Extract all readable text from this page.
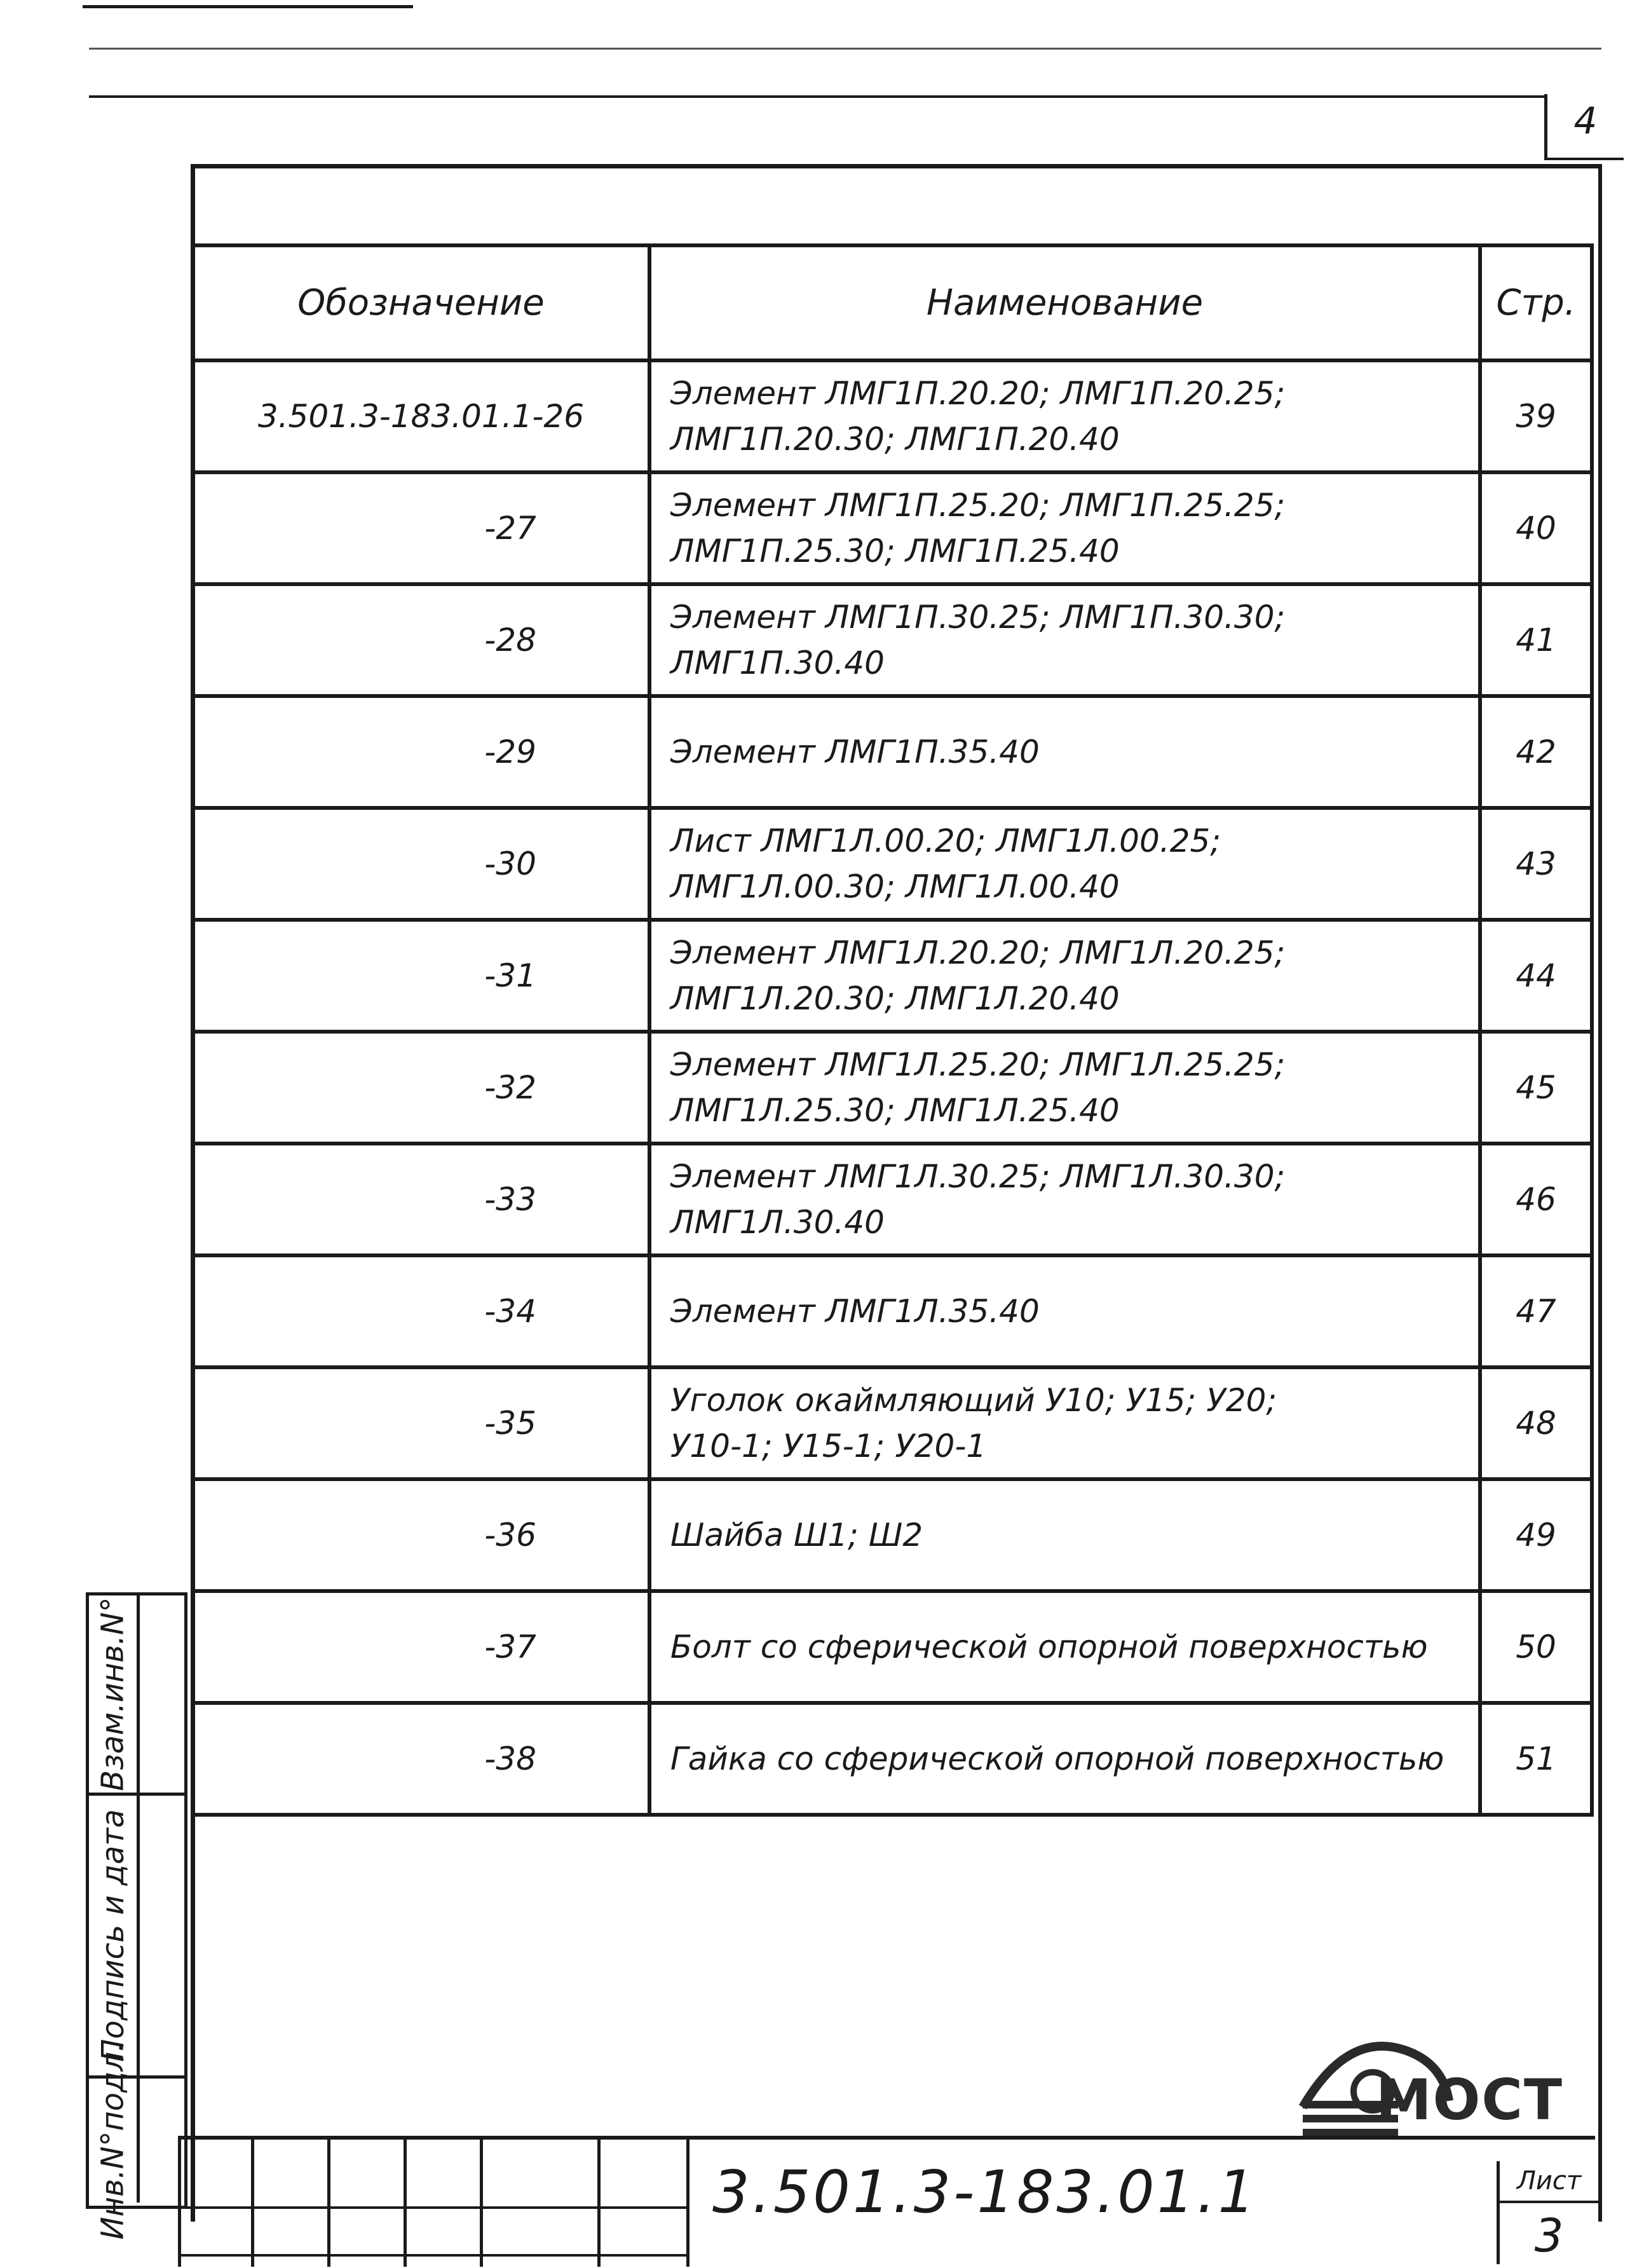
4
Обозначение	Наименование	Стр.
3.501.3-183.01.1-26	Элемент ЛМГ1П.20.20; ЛМГ1П.20.25;
ЛМГ1П.20.30; ЛМГ1П.20.40	39
-27	Элемент ЛМГ1П.25.20; ЛМГ1П.25.25;
ЛМГ1П.25.30; ЛМГ1П.25.40	40
-28	Элемент ЛМГ1П.30.25; ЛМГ1П.30.30; ЛМГ1П.30.40	41
-29	Элемент ЛМГ1П.35.40	42
-30	Лист ЛМГ1Л.00.20; ЛМГ1Л.00.25;
ЛМГ1Л.00.30; ЛМГ1Л.00.40	43
-31	Элемент ЛМГ1Л.20.20; ЛМГ1Л.20.25;
ЛМГ1Л.20.30; ЛМГ1Л.20.40	44
-32	Элемент ЛМГ1Л.25.20; ЛМГ1Л.25.25;
ЛМГ1Л.25.30; ЛМГ1Л.25.40	45
-33	Элемент ЛМГ1Л.30.25; ЛМГ1Л.30.30; ЛМГ1Л.30.40	46
-34	Элемент ЛМГ1Л.35.40	47
-35	Уголок окаймляющий У10; У15; У20;
У10-1; У15-1; У20-1	48
-36	Шайба Ш1; Ш2	49
-37	Болт со сферической опорной поверхностью	50
-38	Гайка со сферической опорной поверхностью	51
Взам.инв.N°
Подпись и дата
Инв.N°подл.	МОСТ
3.501.3-183.01.1	Лист
3
